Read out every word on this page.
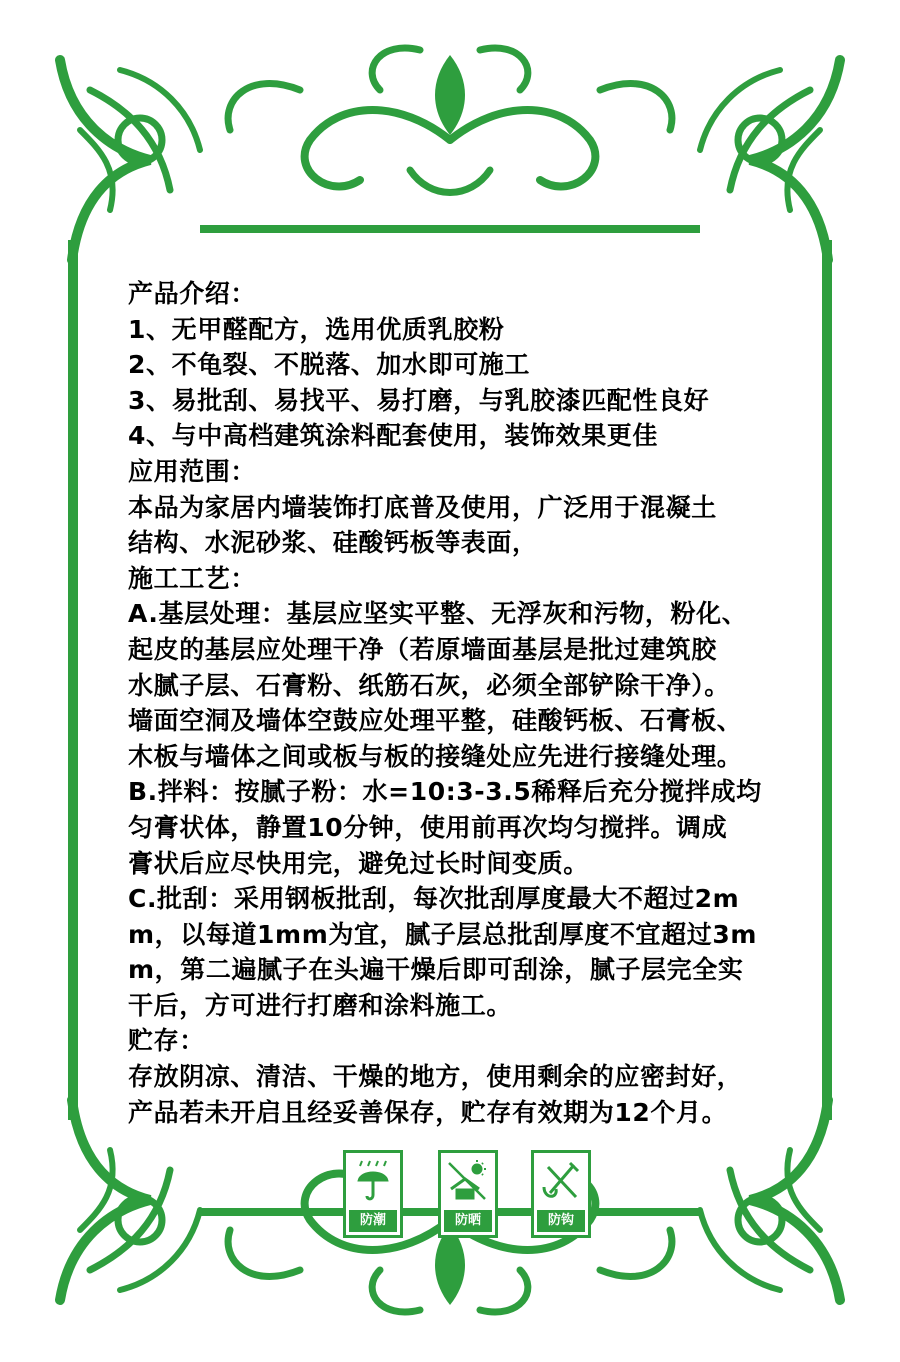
产品介绍：
1、无甲醛配方，选用优质乳胶粉
2、不龟裂、不脱落、加水即可施工
3、易批刮、易找平、易打磨，与乳胶漆匹配性良好
4、与中高档建筑涂料配套使用，装饰效果更佳
应用范围：
本品为家居内墙装饰打底普及使用，广泛用于混凝土
结构、水泥砂浆、硅酸钙板等表面，
施工工艺：
A.基层处理：基层应坚实平整、无浮灰和污物，粉化、
起皮的基层应处理干净（若原墙面基层是批过建筑胶
水腻子层、石膏粉、纸筋石灰，必须全部铲除干净）。
墙面空洞及墙体空鼓应处理平整，硅酸钙板、石膏板、
木板与墙体之间或板与板的接缝处应先进行接缝处理。
B.拌料：按腻子粉：水=10:3-3.5稀释后充分搅拌成均
匀膏状体，静置10分钟，使用前再次均匀搅拌。调成
膏状后应尽快用完，避免过长时间变质。
C.批刮：采用钢板批刮，每次批刮厚度最大不超过2m
m，以每道1mm为宜，腻子层总批刮厚度不宜超过3m
m，第二遍腻子在头遍干燥后即可刮涂，腻子层完全实
干后，方可进行打磨和涂料施工。
贮存：
存放阴凉、清洁、干燥的地方，使用剩余的应密封好，
产品若未开启且经妥善保存，贮存有效期为12个月。
防潮	防晒	防钩
